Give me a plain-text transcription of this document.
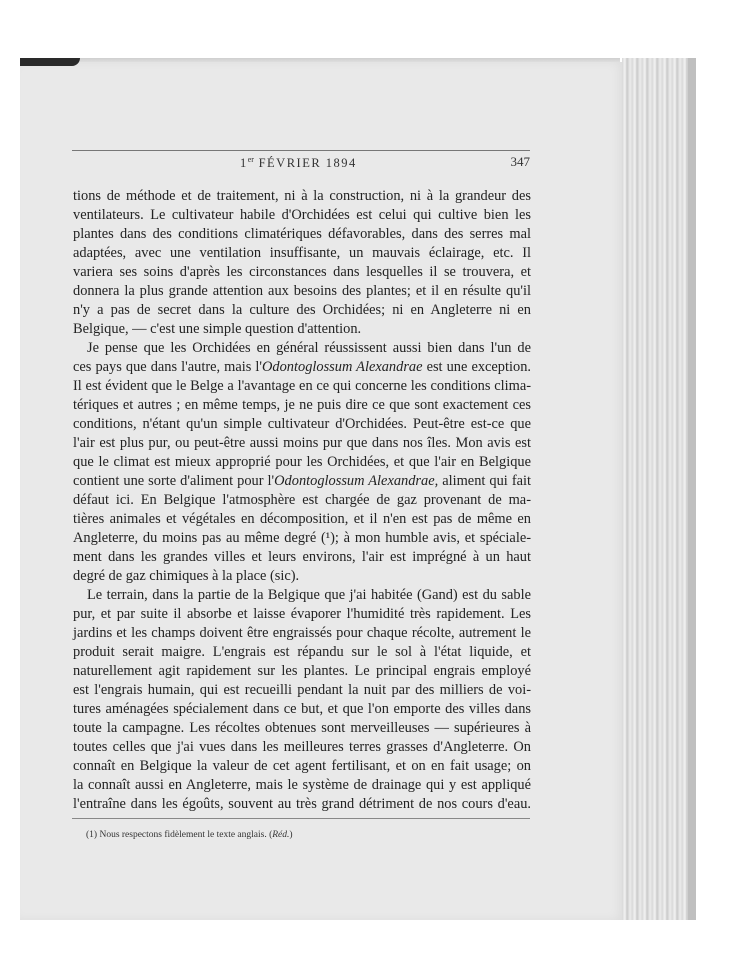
1er FÉVRIER 1894	347
tions de méthode et de traitement, ni à la construction, ni à la grandeur des
ventilateurs. Le cultivateur habile d'Orchidées est celui qui cultive bien les
plantes dans des conditions climatériques défavorables, dans des serres mal
adaptées, avec une ventilation insuffisante, un mauvais éclairage, etc. Il
variera ses soins d'après les circonstances dans lesquelles il se trouvera, et
donnera la plus grande attention aux besoins des plantes; et il en résulte qu'il
n'y a pas de secret dans la culture des Orchidées; ni en Angleterre ni en
Belgique, — c'est une simple question d'attention.
Je pense que les Orchidées en général réussissent aussi bien dans l'un de
ces pays que dans l'autre, mais l'Odontoglossum Alexandrae est une exception.
Il est évident que le Belge a l'avantage en ce qui concerne les conditions clima-
tériques et autres ; en même temps, je ne puis dire ce que sont exactement ces
conditions, n'étant qu'un simple cultivateur d'Orchidées. Peut-être est-ce que
l'air est plus pur, ou peut-être aussi moins pur que dans nos îles. Mon avis est
que le climat est mieux approprié pour les Orchidées, et que l'air en Belgique
contient une sorte d'aliment pour l'Odontoglossum Alexandrae, aliment qui fait
défaut ici. En Belgique l'atmosphère est chargée de gaz provenant de ma-
tières animales et végétales en décomposition, et il n'en est pas de même en
Angleterre, du moins pas au même degré (¹); à mon humble avis, et spéciale-
ment dans les grandes villes et leurs environs, l'air est imprégné à un haut
degré de gaz chimiques à la place (sic).
Le terrain, dans la partie de la Belgique que j'ai habitée (Gand) est du sable
pur, et par suite il absorbe et laisse évaporer l'humidité très rapidement. Les
jardins et les champs doivent être engraissés pour chaque récolte, autrement le
produit serait maigre. L'engrais est répandu sur le sol à l'état liquide, et
naturellement agit rapidement sur les plantes. Le principal engrais employé
est l'engrais humain, qui est recueilli pendant la nuit par des milliers de voi-
tures aménagées spécialement dans ce but, et que l'on emporte des villes dans
toute la campagne. Les récoltes obtenues sont merveilleuses — supérieures à
toutes celles que j'ai vues dans les meilleures terres grasses d'Angleterre. On
connaît en Belgique la valeur de cet agent fertilisant, et on en fait usage; on
la connaît aussi en Angleterre, mais le système de drainage qui y est appliqué
l'entraîne dans les égoûts, souvent au très grand détriment de nos cours d'eau.
(1) Nous respectons fidèlement le texte anglais. (Réd.)
